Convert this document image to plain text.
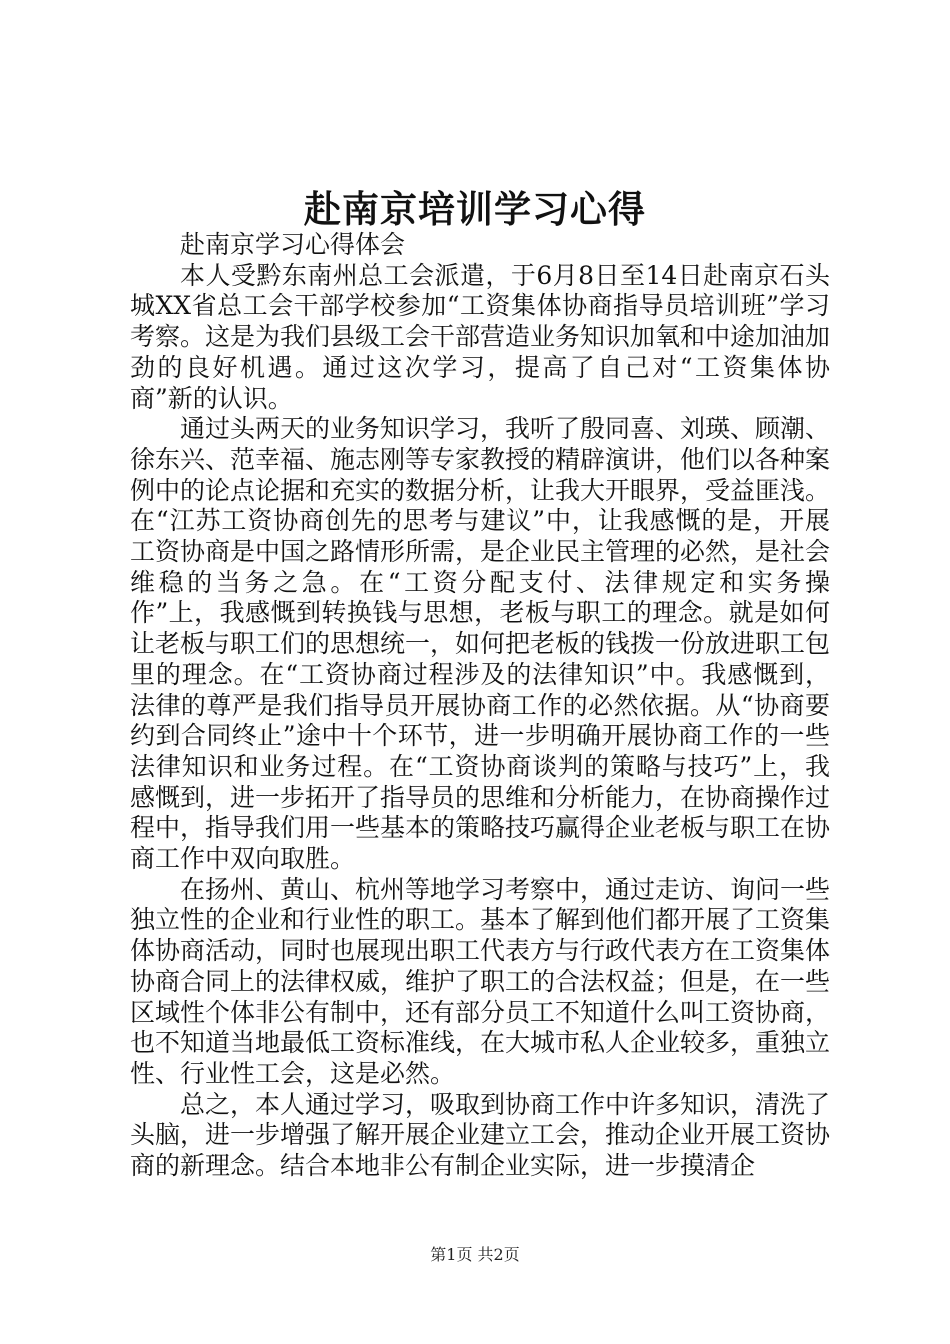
赴南京培训学习心得

赴南京学习心得体会

本人受黔东南州总工会派遣，于6月8日至14日赴南京石头城XX省总工会干部学校参加“工资集体协商指导员培训班”学习考察。这是为我们县级工会干部营造业务知识加氧和中途加油加劲的良好机遇。通过这次学习，提高了自己对“工资集体协商”新的认识。

通过头两天的业务知识学习，我听了殷同喜、刘瑛、顾潮、徐东兴、范幸福、施志刚等专家教授的精辟演讲，他们以各种案例中的论点论据和充实的数据分析，让我大开眼界，受益匪浅。在“江苏工资协商创先的思考与建议”中，让我感慨的是，开展工资协商是中国之路情形所需，是企业民主管理的必然，是社会维稳的当务之急。在“工资分配支付、法律规定和实务操作”上，我感慨到转换钱与思想，老板与职工的理念。就是如何让老板与职工们的思想统一，如何把老板的钱拨一份放进职工包里的理念。在“工资协商过程涉及的法律知识”中。我感慨到，法律的尊严是我们指导员开展协商工作的必然依据。从“协商要约到合同终止”途中十个环节，进一步明确开展协商工作的一些法律知识和业务过程。在“工资协商谈判的策略与技巧”上，我感慨到，进一步拓开了指导员的思维和分析能力，在协商操作过程中，指导我们用一些基本的策略技巧赢得企业老板与职工在协商工作中双向取胜。

在扬州、黄山、杭州等地学习考察中，通过走访、询问一些独立性的企业和行业性的职工。基本了解到他们都开展了工资集体协商活动，同时也展现出职工代表方与行政代表方在工资集体协商合同上的法律权威，维护了职工的合法权益；但是，在一些区域性个体非公有制中，还有部分员工不知道什么叫工资协商，也不知道当地最低工资标准线，在大城市私人企业较多，重独立性、行业性工会，这是必然。

总之，本人通过学习，吸取到协商工作中许多知识，清洗了头脑，进一步增强了解开展企业建立工会，推动企业开展工资协商的新理念。结合本地非公有制企业实际，进一步摸清企

第1页 共2页
